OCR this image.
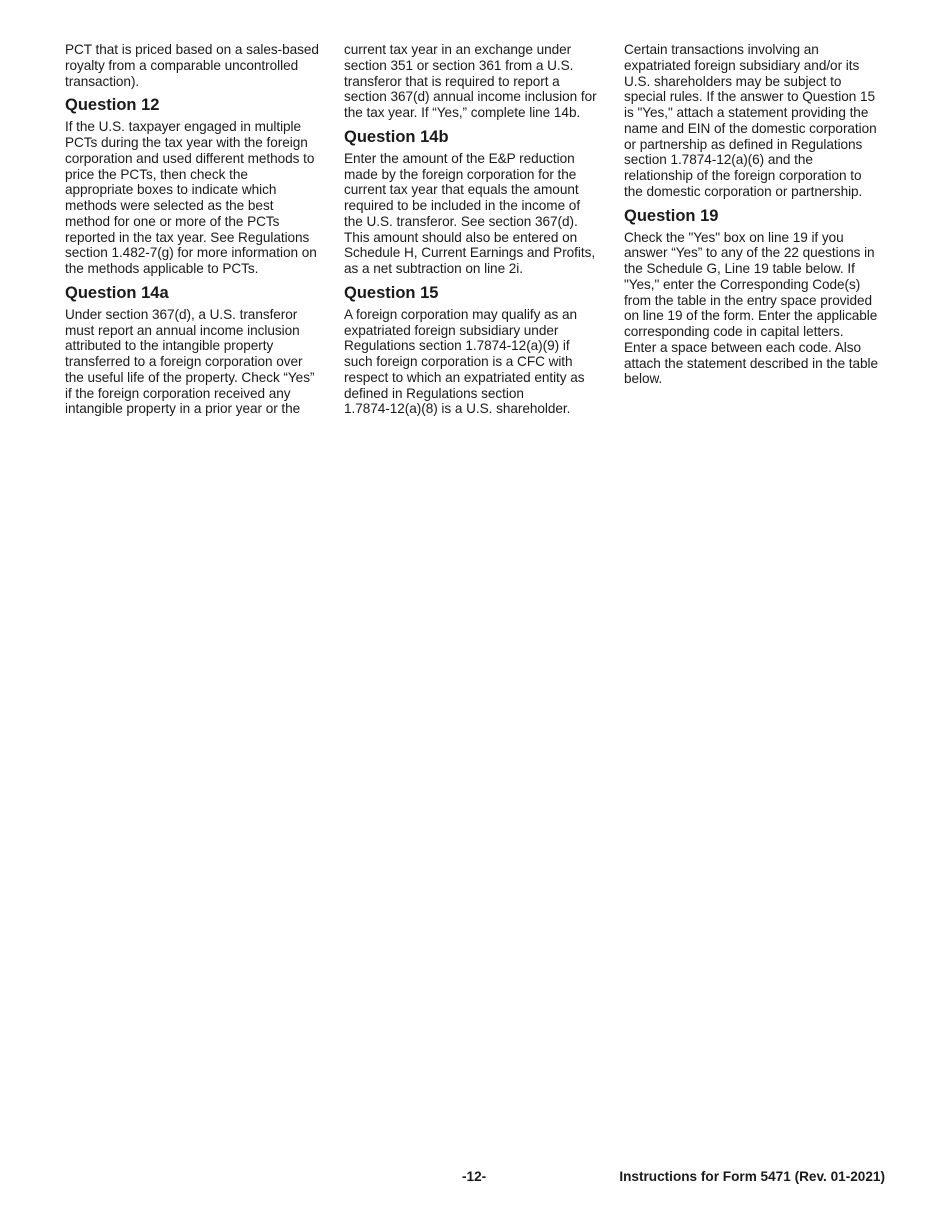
PCT that is priced based on a sales-based
royalty from a comparable uncontrolled
transaction).

Question 12

If the U.S. taxpayer engaged in multiple
PCTs during the tax year with the foreign
corporation and used different methods to
price the PCTs, then check the
appropriate boxes to indicate which
methods were selected as the best
method for one or more of the PCTs
reported in the tax year. See Regulations
section 1.482-7(g) for more information on
the methods applicable to PCTs.

Question 14a

Under section 367(d), a U.S. transferor
must report an annual income inclusion
attributed to the intangible property
transferred to a foreign corporation over
the useful life of the property. Check “Yes”
if the foreign corporation received any
intangible property in a prior year or the

current tax year in an exchange under
section 351 or section 361 from a U.S.
transferor that is required to report a
section 367(d) annual income inclusion for
the tax year. If “Yes,” complete line 14b.

Question 14b

Enter the amount of the E&P reduction
made by the foreign corporation for the
current tax year that equals the amount
required to be included in the income of
the U.S. transferor. See section 367(d).
This amount should also be entered on
Schedule H, Current Earnings and Profits,
as a net subtraction on line 2i.

Question 15

A foreign corporation may qualify as an
expatriated foreign subsidiary under
Regulations section 1.7874-12(a)(9) if
such foreign corporation is a CFC with
respect to which an expatriated entity as
defined in Regulations section
1.7874-12(a)(8) is a U.S. shareholder.

Certain transactions involving an
expatriated foreign subsidiary and/or its
U.S. shareholders may be subject to
special rules. If the answer to Question 15
is "Yes," attach a statement providing the
name and EIN of the domestic corporation
or partnership as defined in Regulations
section 1.7874-12(a)(6) and the
relationship of the foreign corporation to
the domestic corporation or partnership.

Question 19

Check the "Yes" box on line 19 if you
answer “Yes” to any of the 22 questions in
the Schedule G, Line 19 table below. If
"Yes," enter the Corresponding Code(s)
from the table in the entry space provided
on line 19 of the form. Enter the applicable
corresponding code in capital letters.
Enter a space between each code. Also
attach the statement described in the table
below.

-12-	Instructions for Form 5471 (Rev. 01-2021)
